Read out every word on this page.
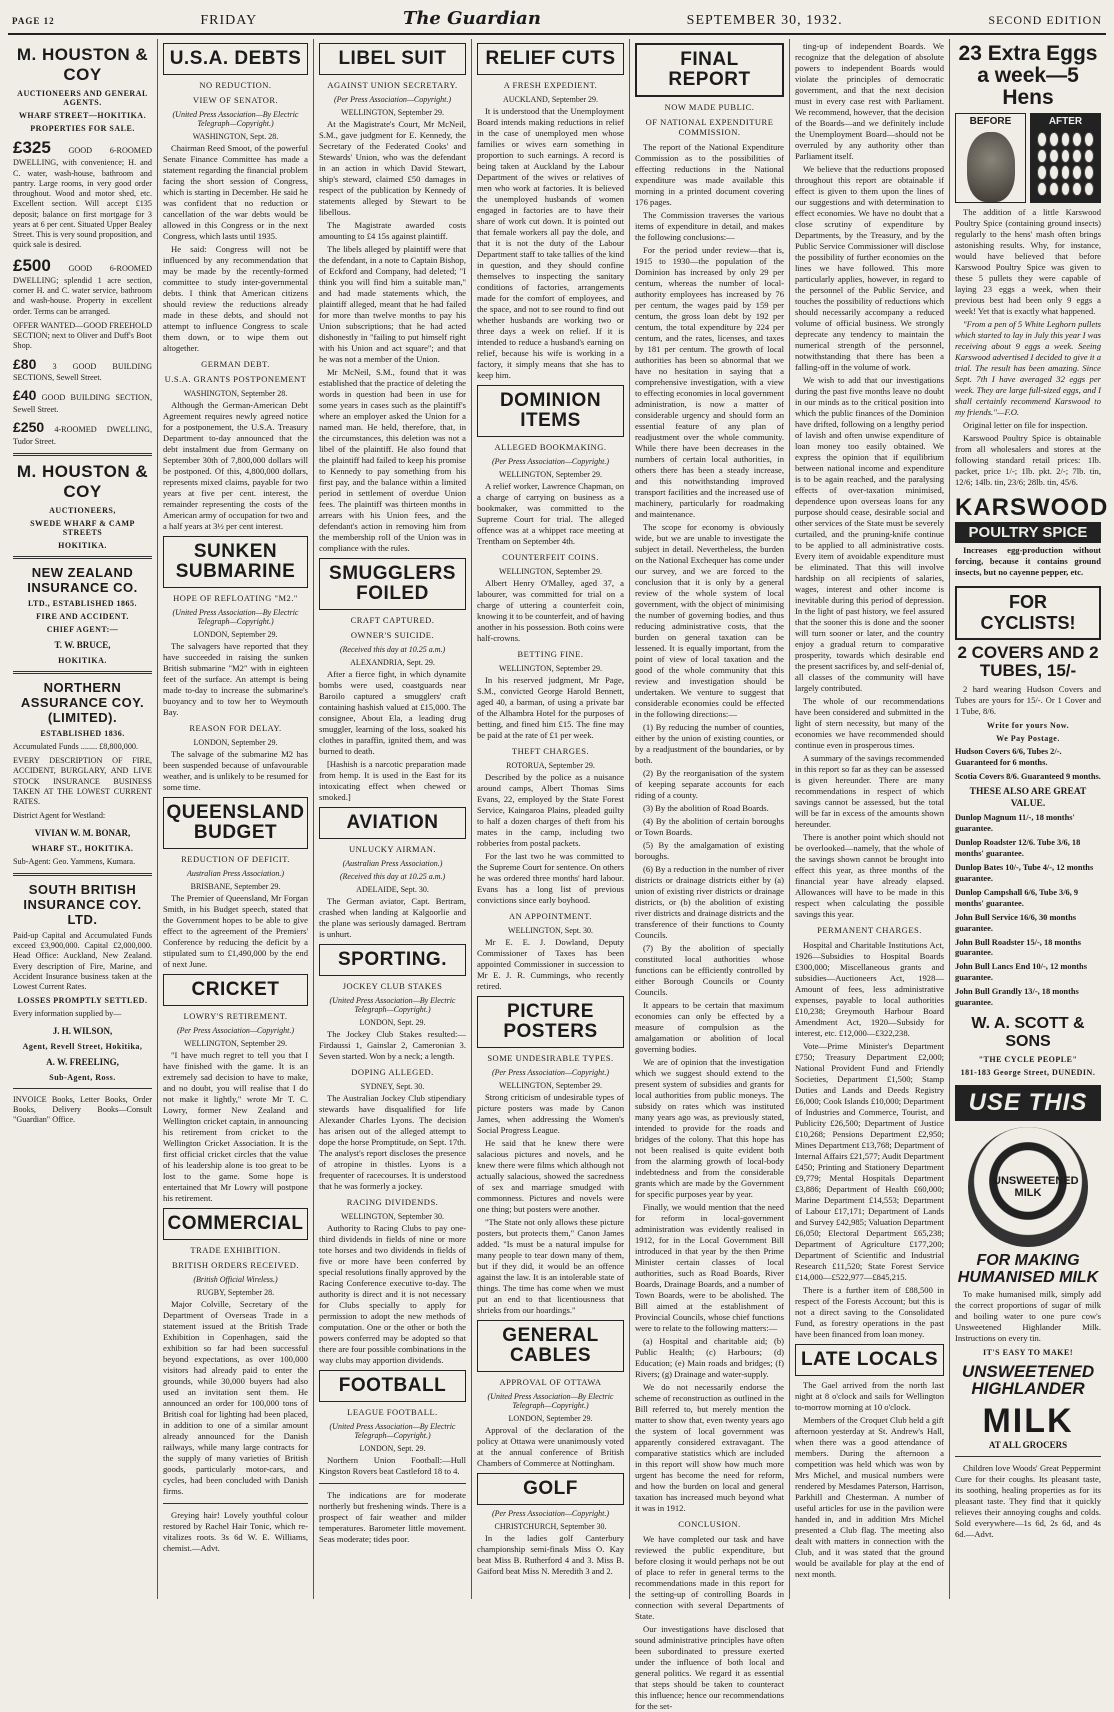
PAGE 12	FRIDAY	The Guardian	SEPTEMBER 30, 1932.	SECOND EDITION
M. HOUSTON & COY
AUCTIONEERS AND GENERAL AGENTS.
WHARF STREET—HOKITIKA.
PROPERTIES FOR SALE.
£325 GOOD 6-ROOMED DWELLING, with convenience; H. and C. water, wash-house, bathroom and pantry. Large rooms, in very good order throughout. Wood and motor shed, etc. Excellent section. Will accept £135 deposit; balance on first mortgage for 3 years at 6 per cent. Situated Upper Bealey Street. This is very sound proposition, and quick sale is desired.
£500 GOOD 6-ROOMED DWELLING; splendid 1 acre section, corner H. and C. water service, bathroom and wash-house. Property in excellent order. Terms can be arranged.
OFFER WANTED—GOOD FREEHOLD SECTION; next to Oliver and Duff's Boot Shop.
£80 3 GOOD BUILDING SECTIONS, Sewell Street.
£40 GOOD BUILDING SECTION, Sewell Street.
£250 4-ROOMED DWELLING, Tudor Street.
M. HOUSTON & COY
AUCTIONEERS,
SWEDE WHARF & CAMP STREETS
HOKITIKA.
NEW ZEALAND INSURANCE CO.
LTD., ESTABLISHED 1865.
FIRE AND ACCIDENT.
CHIEF AGENT:—
T. W. BRUCE,
HOKITIKA.
NORTHERN ASSURANCE COY. (LIMITED).
ESTABLISHED 1836.
Accumulated Funds ........ £8,800,000.
EVERY DESCRIPTION OF FIRE, ACCIDENT, BURGLARY, AND LIVE STOCK INSURANCE BUSINESS TAKEN AT THE LOWEST CURRENT RATES.
District Agent for Westland:
VIVIAN W. M. BONAR,
WHARF ST., HOKITIKA.
Sub-Agent: Geo. Yammens, Kumara.
SOUTH BRITISH INSURANCE COY. LTD.
Paid-up Capital and Accumulated Funds exceed £3,900,000. Capital £2,000,000. Head Office: Auckland, New Zealand. Every description of Fire, Marine, and Accident Insurance business taken at the Lowest Current Rates.
LOSSES PROMPTLY SETTLED.
Every information supplied by—
J. H. WILSON,
Agent, Revell Street, Hokitika,
A. W. FREELING,
Sub-Agent, Ross.
INVOICE Books, Letter Books, Order Books, Delivery Books—Consult "Guardian" Office.
U.S.A. DEBTS
NO REDUCTION.
VIEW OF SENATOR.
(United Press Association—By Electric Telegraph—Copyright.)
WASHINGTON, Sept. 28.

Chairman Reed Smoot, of the powerful Senate Finance Committee has made a statement regarding the financial problem facing the short session of Congress, which is starting in December. He said he was confident that no reduction or cancellation of the war debts would be allowed in this Congress or in the next Congress, which lasts until 1935.

He said: Congress will not be influenced by any recommendation that may be made by the recently-formed committee to study inter-governmental debts. I think that American citizens should review the reductions already made in these debts, and should not attempt to influence Congress to scale them down, or to wipe them out altogether.

GERMAN DEBT.
U.S.A. GRANTS POSTPONEMENT
WASHINGTON, September 28.

Although the German-American Debt Agreement requires newly agreed notice for a postponement, the U.S.A. Treasury Department to-day announced that the debt instalment due from Germany on September 30th of 7,800,000 dollars will be postponed. Of this, 4,800,000 dollars, represents mixed claims, payable for two years at five per cent. interest, the remainder representing the costs of the American army of occupation for two and a half years at 3½ per cent interest.

SUNKEN SUBMARINE
HOPE OF REFLOATING "M2."
(United Press Association—By Electric Telegraph—Copyright.)
LONDON, September 29.

The salvagers have reported that they have succeeded in raising the sunken British submarine "M2" with in eighteen feet of the surface. An attempt is being made to-day to increase the submarine's buoyancy and to tow her to Weymouth Bay.

REASON FOR DELAY.
LONDON, September 29.

The salvage of the submarine M2 has been suspended because of unfavourable weather, and is unlikely to be resumed for some time.

QUEENSLAND BUDGET
REDUCTION OF DEFICIT.
Australian Press Association.)
BRISBANE, September 29.

The Premier of Queensland, Mr Forgan Smith, in his Budget speech, stated that the Government hopes to be able to give effect to the agreement of the Premiers' Conference by reducing the deficit by a stipulated sum to £1,490,000 by the end of next June.

CRICKET
LOWRY'S RETIREMENT.
(Per Press Association—Copyright.)
WELLINGTON, September 29.

"I have much regret to tell you that I have finished with the game. It is an extremely sad decision to have to make, and no doubt, you will realise that I do not make it lightly," wrote Mr T. C. Lowry, former New Zealand and Wellington cricket captain, in announcing his retirement from cricket to the Wellington Cricket Association. It is the first official cricket circles that the value of his leadership alone is too great to be lost to the game. Some hope is entertained that Mr Lowry will postpone his retirement.

COMMERCIAL
TRADE EXHIBITION.
BRITISH ORDERS RECEIVED.
(British Official Wireless.)
RUGBY, September 28.

Major Colville, Secretary of the Department of Overseas Trade in a statement issued at the British Trade Exhibition in Copenhagen, said the exhibition so far had been successful beyond expectations, as over 100,000 visitors had already paid to enter the grounds, while 30,000 buyers had also used an invitation sent them. He announced an order for 100,000 tons of British coal for lighting had been placed, in addition to one of a similar amount already announced for the Danish railways, while many large contracts for the supply of many varieties of British goods, particularly motor-cars, and cycles, had been concluded with Danish firms.

Greying hair! Lovely youthful colour restored by Rachel Hair Tonic, which re-vitalizes roots. 3s 6d W. E. Williams, chemist.—Advt.

LIBEL SUIT
AGAINST UNION SECRETARY.
(Per Press Association—Copyright.)
WELLINGTON, September 29.

At the Magistrate's Court, Mr McNeil, S.M., gave judgment for E. Kennedy, the Secretary of the Federated Cooks' and Stewards' Union, who was the defendant in an action in which David Stewart, ship's steward, claimed £50 damages in respect of the publication by Kennedy of statements alleged by Stewart to be libellous.

The Magistrate awarded costs amounting to £4 15s against plaintiff.

The libels alleged by plaintiff were that the defendant, in a note to Captain Bishop, of Eckford and Company, had deleted; "I think you will find him a suitable man," and had made statements which, the plaintiff alleged, meant that he had failed for more than twelve months to pay his Union subscriptions; that he had acted dishonestly in "failing to put himself right with his Union and act square"; and that he was not a member of the Union.

Mr McNeil, S.M., found that it was established that the practice of deleting the words in question had been in use for some years in cases such as the plaintiff's where an employer asked the Union for a named man. He held, therefore, that, in the circumstances, this deletion was not a libel of the plaintiff. He also found that the plaintiff had failed to keep his promise to Kennedy to pay something from his first pay, and the balance within a limited period in settlement of overdue Union fees. The plaintiff was thirteen months in arrears with his Union fees, and the defendant's action in removing him from the membership roll of the Union was in compliance with the rules.

SMUGGLERS FOILED
CRAFT CAPTURED.
OWNER'S SUICIDE.
(Received this day at 10.25 a.m.)
ALEXANDRIA, Sept. 29.

After a fierce fight, in which dynamite bombs were used, coastguards near Baroilo captured a smugglers' craft containing hashish valued at £15,000. The consignee, About Ela, a leading drug smuggler, learning of the loss, soaked his clothes in paraffin, ignited them, and was burned to death.

[Hashish is a narcotic preparation made from hemp. It is used in the East for its intoxicating effect when chewed or smoked.]

AVIATION
UNLUCKY AIRMAN.
(Australian Press Association.)
(Received this day at 10.25 a.m.)
ADELAIDE, Sept. 30.

The German aviator, Capt. Bertram, crashed when landing at Kalgoorlie and the plane was seriously damaged. Bertram is unhurt.

SPORTING.
JOCKEY CLUB STAKES
(United Press Association—By Electric Telegraph—Copyright.)
LONDON, Sept. 29.

The Jockey Club Stakes resulted:—Firdaussi 1, Gainslar 2, Cameronian 3. Seven started. Won by a neck; a length.

DOPING ALLEGED.
SYDNEY, Sept. 30.

The Australian Jockey Club stipendiary stewards have disqualified for life Alexander Charles Lyons. The decision has arisen out of the alleged attempt to dope the horse Promptitude, on Sept. 17th. The analyst's report discloses the presence of atropine in thistles. Lyons is a frequenter of racecourses. It is understood that he was formerly a jockey.

RACING DIVIDENDS.
WELLINGTON, September 30.

Authority to Racing Clubs to pay one-third dividends in fields of nine or more tote horses and two dividends in fields of five or more have been conferred by special resolutions finally approved by the Racing Conference executive to-day. The authority is direct and it is not necessary for Clubs specially to apply for permission to adopt the new methods of computation. One or the other or both the powers conferred may be adopted so that there are four possible combinations in the way clubs may apportion dividends.

FOOTBALL
LEAGUE FOOTBALL.
(United Press Association—By Electric Telegraph—Copyright.)
LONDON, Sept. 29.

Northern Union Football:—Hull Kingston Rovers beat Castleford 18 to 4.

The indications are for moderate northerly but freshening winds. There is a prospect of fair weather and milder temperatures. Barometer little movement. Seas moderate; tides poor.

RELIEF CUTS
A FRESH EXPEDIENT.
AUCKLAND, September 29.

It is understood that the Unemployment Board intends making reductions in relief in the case of unemployed men whose families or wives earn something in proportion to such earnings. A record is being taken at Auckland by the Labour Department of the wives or relatives of men who work at factories. It is believed the unemployed husbands of women engaged in factories are to have their share of work cut down. It is pointed out that female workers all pay the dole, and that it is not the duty of the Labour Department staff to take tallies of the kind in question, and they should confine themselves to inspecting the sanitary conditions of factories, arrangements made for the comfort of employees, and the space, and not to see round to find out whether husbands are working two or three days a week on relief. If it is intended to reduce a husband's earning on relief, because his wife is working in a factory, it simply means that she has to keep him.

DOMINION ITEMS
ALLEGED BOOKMAKING.
(Per Press Association—Copyright.)
WELLINGTON, September 29.

A relief worker, Lawrence Chapman, on a charge of carrying on business as a bookmaker, was committed to the Supreme Court for trial. The alleged offence was at a whippet race meeting at Trentham on September 4th.

COUNTERFEIT COINS.
WELLINGTON, September 29.

Albert Henry O'Malley, aged 37, a labourer, was committed for trial on a charge of uttering a counterfeit coin, knowing it to be counterfeit, and of having another in his possession. Both coins were half-crowns.

BETTING FINE.
WELLINGTON, September 29.

In his reserved judgment, Mr Page, S.M., convicted George Harold Bennett, aged 40, a barman, of using a private bar of the Alhambra Hotel for the purposes of betting, and fined him £15. The fine may be paid at the rate of £1 per week.

THEFT CHARGES.
ROTORUA, September 29.

Described by the police as a nuisance around camps, Albert Thomas Sims Evans, 22, employed by the State Forest Service, Kaingaroa Plains, pleaded guilty to half a dozen charges of theft from his mates in the camp, including two robberies from postal packets.

For the last two he was committed to the Supreme Court for sentence. On others he was ordered three months' hard labour. Evans has a long list of previous convictions since early boyhood.

AN APPOINTMENT.
WELLINGTON, Sept. 30.

Mr E. E. J. Dowland, Deputy Commissioner of Taxes has been appointed Commissioner in succession to Mr E. J. R. Cummings, who recently retired.

PICTURE POSTERS
SOME UNDESIRABLE TYPES.
(Per Press Association—Copyright.)
WELLINGTON, September 29.

Strong criticism of undesirable types of picture posters was made by Canon James, when addressing the Women's Social Progress League.

He said that he knew there were salacious pictures and novels, and he knew there were films which although not actually salacious, showed the sacredness of sex and marriage smudged with commonness. Pictures and novels were one thing; but posters were another.

"The State not only allows these picture posters, but protects them," Canon James added. "Is must be a natural impulse for many people to tear down many of them, but if they did, it would be an offence against the law. It is an intolerable state of things. The time has come when we must put an end to that licentiousness that shrieks from our hoardings."

GENERAL CABLES
APPROVAL OF OTTAWA
(United Press Association—By Electric Telegraph—Copyright.)
LONDON, September 29.

Approval of the declaration of the policy at Ottawa were unanimously voted at the annual conference of British Chambers of Commerce at Nottingham.

GOLF
(Per Press Association—Copyright.)
CHRISTCHURCH, September 30.

In the ladies golf Canterbury championship semi-finals Miss O. Kay beat Miss B. Rutherford 4 and 3. Miss B. Gaiford beat Miss N. Meredith 3 and 2.

FINAL REPORT
NOW MADE PUBLIC.
OF NATIONAL EXPENDITURE COMMISSION.

The report of the National Expenditure Commission as to the possibilities of effecting reductions in the National expenditure was made available this morning in a printed document covering 176 pages.

The Commission traverses the various items of expenditure in detail, and makes the following conclusions:—

For the period under review—that is, 1915 to 1930—the population of the Dominion has increased by only 29 per centum, whereas the number of local-authority employees has increased by 76 per centum, the wages paid by 159 per centum, the gross loan debt by 192 per centum, the total expenditure by 224 per centum, and the rates, licenses, and taxes by 181 per centum. The growth of local authorities has been so abnormal that we have no hesitation in saying that a comprehensive investigation, with a view to effecting economies in local government administration, is now a matter of considerable urgency and should form an essential feature of any plan of readjustment over the whole community. While there have been decreases in the numbers of certain local authorities, in others there has been a steady increase, and this notwithstanding improved transport facilities and the increased use of machinery, particularly for roadmaking and maintenance.

The scope for economy is obviously wide, but we are unable to investigate the subject in detail. Nevertheless, the burden on the National Exchequer has come under our survey, and we are forced to the conclusion that it is only by a general review of the whole system of local government, with the object of minimising the number of governing bodies, and thus reducing administrative costs, that the burden on general taxation can be lessened. It is equally important, from the point of view of local taxation and the good of the whole community that this review and investigation should be undertaken. We venture to suggest that considerable economies could be effected in the following directions:—

(1) By reducing the number of counties, either by the union of existing counties, or by a readjustment of the boundaries, or by both.

(2) By the reorganisation of the system of keeping separate accounts for each riding of a county.

(3) By the abolition of Road Boards.

(4) By the abolition of certain boroughs or Town Boards.

(5) By the amalgamation of existing boroughs.

(6) By a reduction in the number of river districts or drainage districts either by (a) union of existing river districts or drainage districts, or (b) the abolition of existing river districts and drainage districts and the transference of their functions to County Councils.

(7) By the abolition of specially constituted local authorities whose functions can be efficiently controlled by either Borough Councils or County Councils.

It appears to be certain that maximum economies can only be effected by a measure of compulsion as the amalgamation or abolition of local governing bodies.

We are of opinion that the investigation which we suggest should extend to the present system of subsidies and grants for local authorities from public moneys. The subsidy on rates which was instituted many years ago was, as previously stated, intended to provide for the roads and bridges of the colony. That this hope has not been realised is quite evident both from the alarming growth of local-body indebtedness and from the considerable grants which are made by the Government for specific purposes year by year.

Finally, we would mention that the need for reform in local-government administration was evidently realised in 1912, for in the Local Government Bill introduced in that year by the then Prime Minister certain classes of local authorities, such as Road Boards, River Boards, Drainage Boards, and a number of Town Boards, were to be abolished. The Bill aimed at the establishment of Provincial Councils, whose chief functions were to relate to the following matters:—

(a) Hospital and charitable aid; (b) Public Health; (c) Harbours; (d) Education; (e) Main roads and bridges; (f) Rivers; (g) Drainage and water-supply.

We do not necessarily endorse the scheme of reconstruction as outlined in the Bill referred to, but merely mention the matter to show that, even twenty years ago the system of local government was apparently considered extravagant. The comparative statistics which are included in this report will show how much more urgent has become the need for reform, and how the burden on local and general taxation has increased much beyond what it was in 1912.

CONCLUSION.

We have completed our task and have reviewed the public expenditure, but before closing it would perhaps not be out of place to refer in general terms to the recommendations made in this report for the setting-up of controlling Boards in connection with several Departments of State.

Our investigations have disclosed that sound administrative principles have often been subordinated to pressure exerted under the influence of both local and general politics. We regard it as essential that steps should be taken to counteract this influence; hence our recommendations for the set-

ting-up of independent Boards. We recognize that the delegation of absolute powers to independent Boards would violate the principles of democratic government, and that the next decision must in every case rest with Parliament. We recommend, however, that the decision of the Boards—and we definitely include the Unemployment Board—should not be overruled by any authority other than Parliament itself.

We believe that the reductions proposed throughout this report are obtainable if effect is given to them upon the lines of our suggestions and with determination to effect economies. We have no doubt that a close scrutiny of expenditure by Departments, by the Treasury, and by the Public Service Commissioner will disclose the possibility of further economies on the lines we have followed. This more particularly applies, however, in regard to the personnel of the Public Service, and touches the possibility of reductions which should necessarily accompany a reduced volume of official business. We strongly deprecate any tendency to maintain the numerical strength of the personnel, notwithstanding that there has been a falling-off in the volume of work.

We wish to add that our investigations during the past five months leave no doubt in our minds as to the critical position into which the public finances of the Dominion have drifted, following on a lengthy period of lavish and often unwise expenditure of loan money too easily obtained. We express the opinion that if equilibrium between national income and expenditure is to be again reached, and the paralysing effects of over-taxation minimised, dependence upon overseas loans for any purpose should cease, desirable social and other services of the State must be severely curtailed, and the pruning-knife continue to be applied to all administrative costs. Every item of avoidable expenditure must be eliminated. That this will involve hardship on all recipients of salaries, wages, interest and other income is inevitable during this period of depression. In the light of past history, we feel assured that the sooner this is done and the sooner will turn sooner or later, and the country enjoy a gradual return to comparative prosperity, towards which desirable end the present sacrifices by, and self-denial of, all classes of the community will have largely contributed.

The whole of our recommendations have been considered and submitted in the light of stern necessity, but many of the economies we have recommended should continue even in prosperous times.

A summary of the savings recommended in this report so far as they can be assessed is given hereunder. There are many recommendations in respect of which savings cannot be assessed, but the total will be far in excess of the amounts shown hereunder.

There is another point which should not be overlooked—namely, that the whole of the savings shown cannot be brought into effect this year, as three months of the financial year have already elapsed. Allowances will have to be made in this respect when calculating the possible savings this year.

PERMANENT CHARGES.

Hospital and Charitable Institutions Act, 1926—Subsidies to Hospital Boards £300,000; Miscellaneous grants and subsidies—Auctioneers Act, 1928—Amount of fees, less administrative expenses, payable to local authorities £10,238; Greymouth Harbour Board Amendment Act, 1920—Subsidy for interest, etc. £12,000—£322,238.

Vote—Prime Minister's Department £750; Treasury Department £2,000; National Provident Fund and Friendly Societies, Department £1,500; Stamp Duties and Lands and Deeds Registry £6,000; Cook Islands £10,000; Department of Industries and Commerce, Tourist, and Publicity £26,500; Department of Justice £10,268; Pensions Department £2,950; Mines Department £13,768; Department of Internal Affairs £21,577; Audit Department £450; Printing and Stationery Department £9,779; Mental Hospitals Department £3,886; Department of Health £60,000; Marine Department £14,553; Department of Labour £17,171; Department of Lands and Survey £42,985; Valuation Department £6,050; Electoral Department £65,238; Department of Agriculture £177,200; Department of Scientific and Industrial Research £11,520; State Forest Service £14,000—£522,977—£845,215.

There is a further item of £88,500 in respect of the Forests Account; but this is not a direct saving to the Consolidated Fund, as forestry operations in the past have been financed from loan money.

LATE LOCALS

The Gael arrived from the north last night at 8 o'clock and sails for Wellington to-morrow morning at 10 o'clock.

Members of the Croquet Club held a gift afternoon yesterday at St. Andrew's Hall, when there was a good attendance of members. During the afternoon a competition was held which was won by Mrs Michel, and musical numbers were rendered by Mesdames Paterson, Harrison, Parkhill and Chesterman. A number of useful articles for use in the pavilion were handed in, and in addition Mrs Michel presented a Club flag. The meeting also dealt with matters in connection with the Club, and it was stated that the ground would be available for play at the end of next month.

23 Extra Eggs a week—5 Hens
BEFORE	AFTER

The addition of a little Karswood Poultry Spice (containing ground insects) regularly to the hens' mash often brings astonishing results. Why, for instance, would have believed that before Karswood Poultry Spice was given to these 5 pullets they were capable of laying 23 eggs a week, when their previous best had been only 9 eggs a week! Yet that is exactly what happened.

"From a pen of 5 White Leghorn pullets which started to lay in July this year I was receiving about 9 eggs a week. Seeing Karswood advertised I decided to give it a trial. The result has been amazing. Since Sept. 7th I have averaged 32 eggs per week. They are large full-sized eggs, and I shall certainly recommend Karswood to my friends."—F.O.

Original letter on file for inspection.

Karswood Poultry Spice is obtainable from all wholesalers and stores at the following standard retail prices: 1lb. packet, price 1/-; 1lb. pkt. 2/-; 7lb. tin, 12/6; 14lb. tin, 23/6; 28lb. tin, 45/6.

KARSWOOD
POULTRY SPICE

Increases egg-production without forcing, because it contains ground insects, but no cayenne pepper, etc.

FOR CYCLISTS!
2 COVERS AND 2 TUBES, 15/-

2 hard wearing Hudson Covers and Tubes are yours for 15/-. Or 1 Cover and 1 Tube, 8/6.

Write for yours Now.
We Pay Postage.
Hudson Covers 6/6, Tubes 2/-. Guaranteed for 6 months.
Scotia Covers 8/6. Guaranteed 9 months.
THESE ALSO ARE GREAT VALUE.
Dunlop Magnum 11/-, 18 months' guarantee.
Dunlop Roadster 12/6. Tube 3/6, 18 months' guarantee.
Dunlop Bates 10/-, Tube 4/-, 12 months guarantee.
Dunlop Campshall 6/6, Tube 3/6, 9 months' guarantee.
John Bull Service 16/6, 30 months guarantee.
John Bull Roadster 15/-, 18 months guarantee.
John Bull Lancs End 10/-, 12 months guarantee.
John Bull Grandly 13/-, 18 months guarantee.
W. A. SCOTT & SONS
"THE CYCLE PEOPLE"
181-183 George Street, DUNEDIN.
USE THIS
UNSWEETENED MILK
FOR MAKING HUMANISED MILK

To make humanised milk, simply add the correct proportions of sugar of milk and boiling water to one pure cow's Unsweetened Highlander Milk. Instructions on every tin.

IT'S EASY TO MAKE!
UNSWEETENED HIGHLANDER
MILK
AT ALL GROCERS

Children love Woods' Great Peppermint Cure for their coughs. Its pleasant taste, its soothing, healing properties as for its pleasant taste. They find that it quickly relieves their annoying coughs and colds. Sold everywhere—1s 6d, 2s 6d, and 4s 6d.—Advt.
